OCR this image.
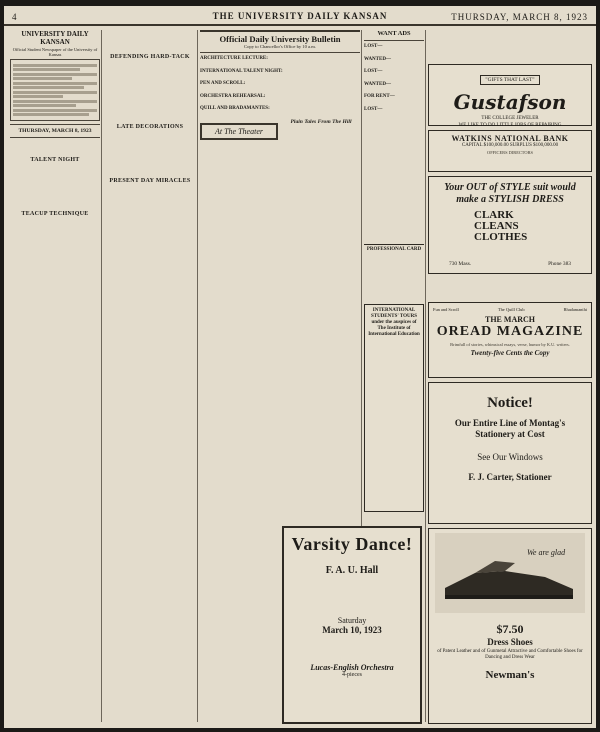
4	THE UNIVERSITY DAILY KANSAN	THURSDAY, MARCH 8, 1923
UNIVERSITY DAILY KANSAN
Official Student Newspaper of the University of Kansas
THURSDAY, MARCH 8, 1923

TALENT NIGHT

TEACUP TECHNIQUE

DEFENDING HARD-TACK

LATE DECORATIONS

PRESENT DAY MIRACLES
Official Daily University Bulletin
Copy to Chancellor's Office by 10 a.m.
ARCHITECTURE LECTURE:

INTERNATIONAL TALENT NIGHT:

PEN AND SCROLL:

ORCHESTRA REHEARSAL:

QUILL AND BRADAMANTES:

At The Theater

Plain Tales From The Hill

WANT ADS
LOST—

WANTED—

LOST—

WANTED—

FOR RENT—

LOST—
PROFESSIONAL CARD
"GIFTS THAT LAST"
Gustafson
THE COLLEGE JEWELER
WE LIKE TO DO LITTLE JOBS OF REPAIRING
WATKINS NATIONAL BANK
CAPITAL $100,000.00 SURPLUS $100,000.00
OFFICERS DIRECTORS
Your OUT of STYLE suit would make a STYLISH DRESS
CLARK
CLEANS
CLOTHES
730 Mass.	Phone 383
INTERNATIONAL STUDENTS' TOURS under the auspices of The Institute of International Education
Fun and Scroll	The Quill Club	Rhadamanthi
THE MARCH
OREAD MAGAZINE
Brimfull of stories, whimsical essays, verse, humor by K.U. writers.
Twenty-five Cents the Copy
Notice!
Our Entire Line of Montag's Stationery at Cost
See Our Windows
F. J. Carter, Stationer
Varsity Dance!
F. A. U. Hall
Saturday
March 10, 1923
Lucas-English Orchestra
4-pieces
We are glad
$7.50
Dress Shoes
of Patent Leather and of Gunmetal Attractive and Comfortable Shoes for Dancing and Dress Wear
Newman's
